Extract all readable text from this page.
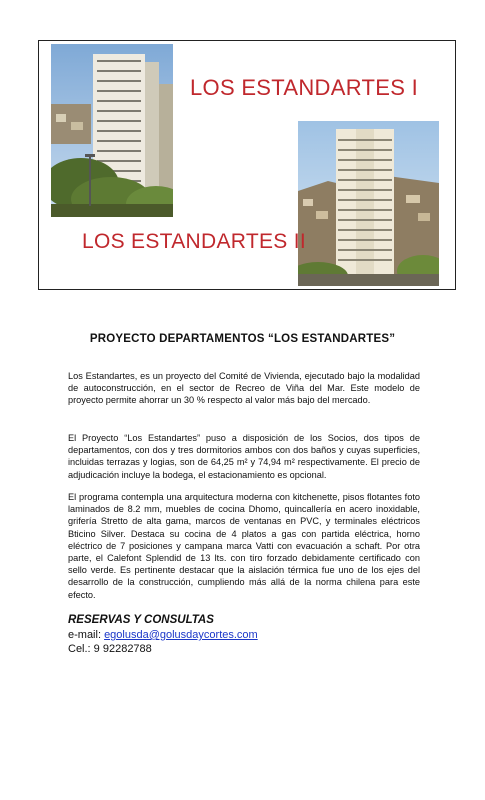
LOS ESTANDARTES I
LOS ESTANDARTES II
PROYECTO DEPARTAMENTOS “LOS ESTANDARTES”

Los Estandartes, es un proyecto del Comité de Vivienda, ejecutado bajo la modalidad de autoconstrucción, en el sector de Recreo de Viña del Mar. Este modelo de proyecto permite ahorrar un 30 % respecto al valor más bajo del mercado.

El Proyecto “Los Estandartes” puso a disposición de los Socios, dos tipos de departamentos, con dos y tres dormitorios ambos con dos baños y cuyas superficies, incluidas terrazas y logias, son de 64,25 m² y 74,94 m² respectivamente. El precio de adjudicación incluye la bodega, el estacionamiento es opcional.

El programa contempla una arquitectura moderna con kitchenette, pisos flotantes foto laminados de 8.2 mm, muebles de cocina Dhomo, quincallería en acero inoxidable, grifería Stretto de alta gama, marcos de ventanas en PVC, y terminales eléctricos Bticino Silver. Destaca su cocina de 4 platos a gas con partida eléctrica, horno eléctrico de 7 posiciones y campana marca Vatti con evacuación a schaft. Por otra parte, el Calefont Splendid de 13 lts. con tiro forzado debidamente certificado con sello verde. Es pertinente destacar que la aislación térmica fue uno de los ejes del desarrollo de la construcción, cumpliendo más allá de la norma chilena para este efecto.

RESERVAS Y CONSULTAS
e-mail: egolusda@golusdaycortes.com
Cel.: 9 92282788
